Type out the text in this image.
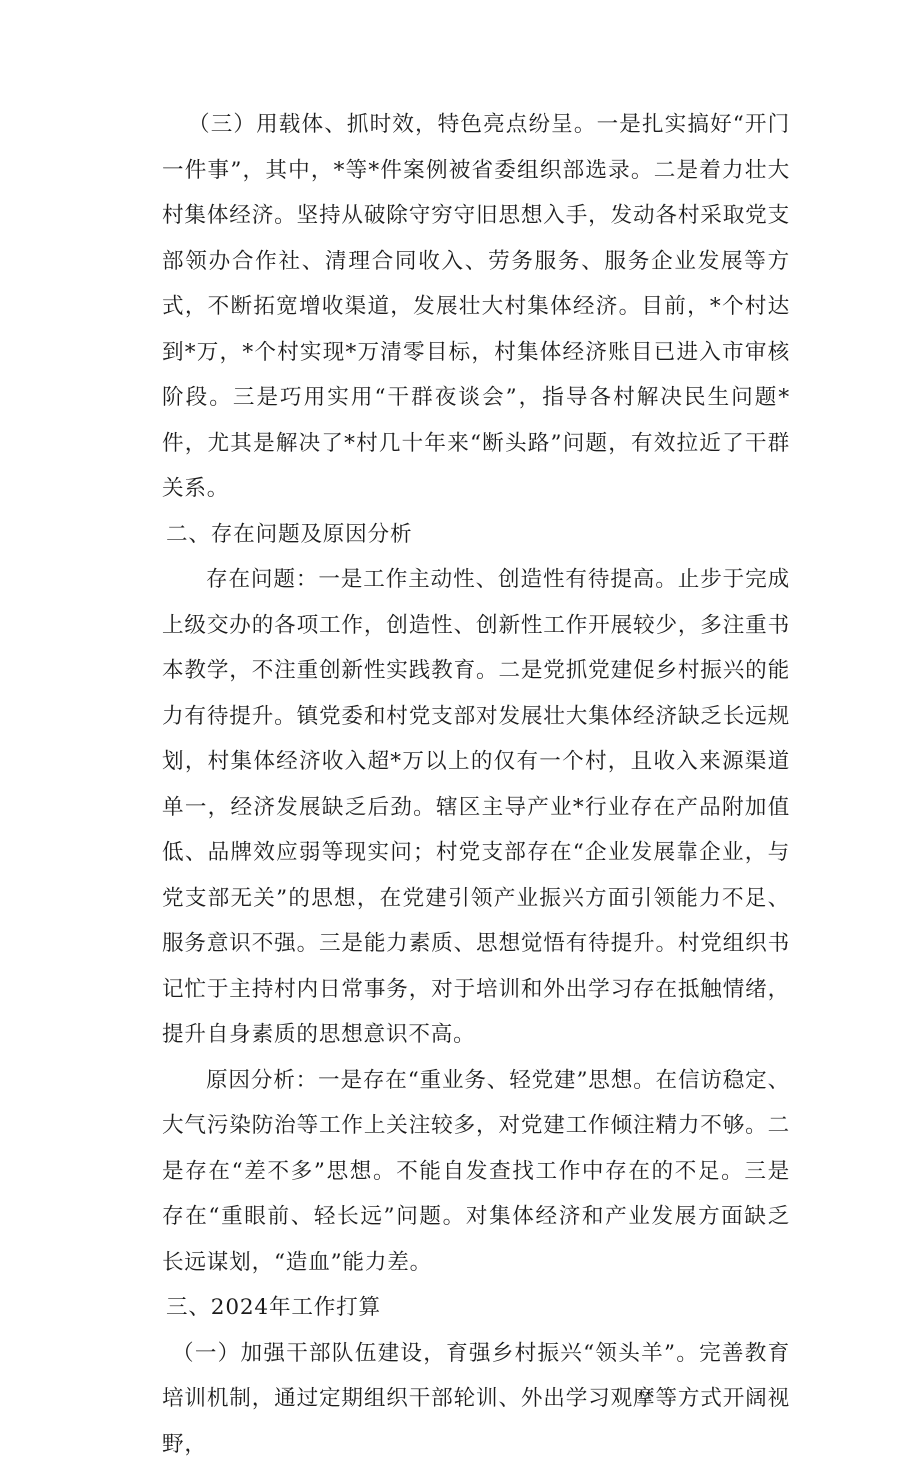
（三）用载体、抓时效，特色亮点纷呈。一是扎实搞好“开门一件事”，其中，*等*件案例被省委组织部选录。二是着力壮大村集体经济。坚持从破除守穷守旧思想入手，发动各村采取党支部领办合作社、清理合同收入、劳务服务、服务企业发展等方式，不断拓宽增收渠道，发展壮大村集体经济。目前，*个村达到*万，*个村实现*万清零目标，村集体经济账目已进入市审核阶段。三是巧用实用“干群夜谈会”，指导各村解决民生问题*件，尤其是解决了*村几十年来“断头路”问题，有效拉近了干群关系。

二、存在问题及原因分析

存在问题：一是工作主动性、创造性有待提高。止步于完成上级交办的各项工作，创造性、创新性工作开展较少，多注重书本教学，不注重创新性实践教育。二是党抓党建促乡村振兴的能力有待提升。镇党委和村党支部对发展壮大集体经济缺乏长远规划，村集体经济收入超*万以上的仅有一个村，且收入来源渠道单一，经济发展缺乏后劲。辖区主导产业*行业存在产品附加值低、品牌效应弱等现实问；村党支部存在“企业发展靠企业，与党支部无关”的思想，在党建引领产业振兴方面引领能力不足、服务意识不强。三是能力素质、思想觉悟有待提升。村党组织书记忙于主持村内日常事务，对于培训和外出学习存在抵触情绪，提升自身素质的思想意识不高。

原因分析：一是存在“重业务、轻党建”思想。在信访稳定、大气污染防治等工作上关注较多，对党建工作倾注精力不够。二是存在“差不多”思想。不能自发查找工作中存在的不足。三是存在“重眼前、轻长远”问题。对集体经济和产业发展方面缺乏长远谋划，“造血”能力差。

三、2024年工作打算

（一）加强干部队伍建设，育强乡村振兴“领头羊”。完善教育培训机制，通过定期组织干部轮训、外出学习观摩等方式开阔视野，
